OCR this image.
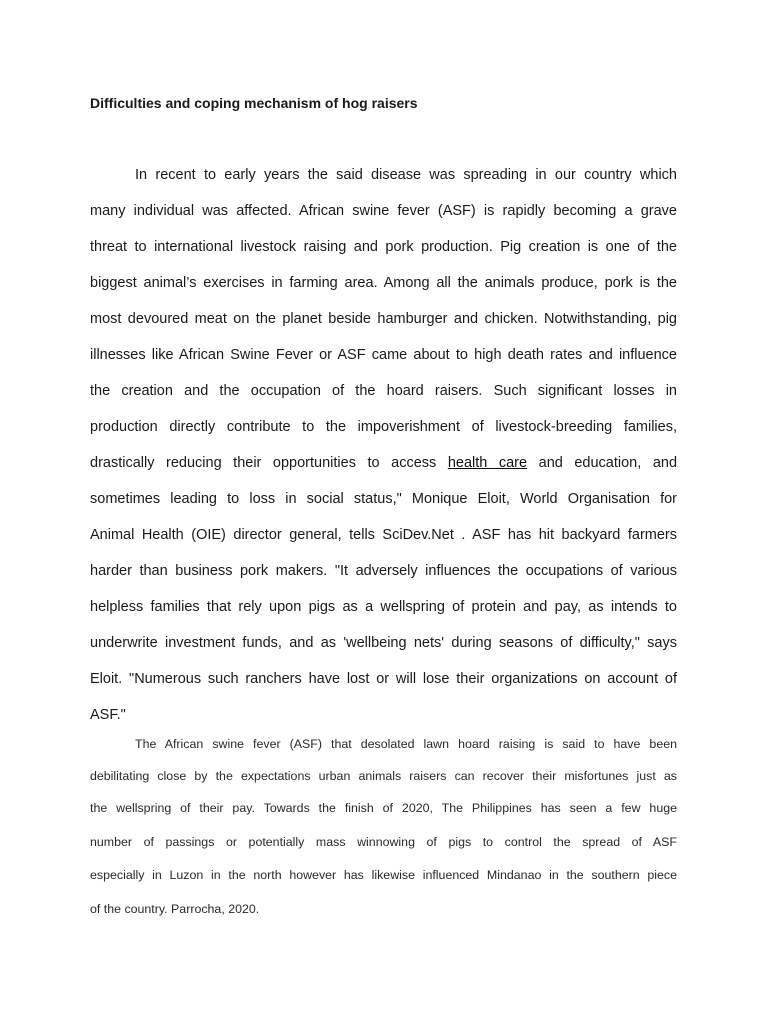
Difficulties and coping mechanism of hog raisers

In recent to early years the said disease was spreading in our country which

many individual was affected. African swine fever (ASF) is rapidly becoming a grave

threat to international livestock raising and pork production. Pig creation is one of the

biggest animal’s exercises in farming area. Among all the animals produce, pork is the

most devoured meat on the planet beside hamburger and chicken. Notwithstanding, pig

illnesses like African Swine Fever or ASF came about to high death rates and influence

the creation and the occupation of the hoard raisers. Such significant losses in

production directly contribute to the impoverishment of livestock-breeding families,

drastically reducing their opportunities to access health care and education, and

sometimes leading to loss in social status," Monique Eloit, World Organisation for

Animal Health (OIE) director general, tells SciDev.Net . ASF has hit backyard farmers

harder than business pork makers. "It adversely influences the occupations of various

helpless families that rely upon pigs as a wellspring of protein and pay, as intends to

underwrite investment funds, and as 'wellbeing nets' during seasons of difficulty," says

Eloit. "Numerous such ranchers have lost or will lose their organizations on account of

ASF."

The African swine fever (ASF) that desolated lawn hoard raising is said to have been

debilitating close by the expectations urban animals raisers can recover their misfortunes just as

the wellspring of their pay. Towards the finish of 2020, The Philippines has seen a few huge

number of passings or potentially mass winnowing of pigs to control the spread of ASF

especially in Luzon in the north however has likewise influenced Mindanao in the southern piece

of the country. Parrocha, 2020.
